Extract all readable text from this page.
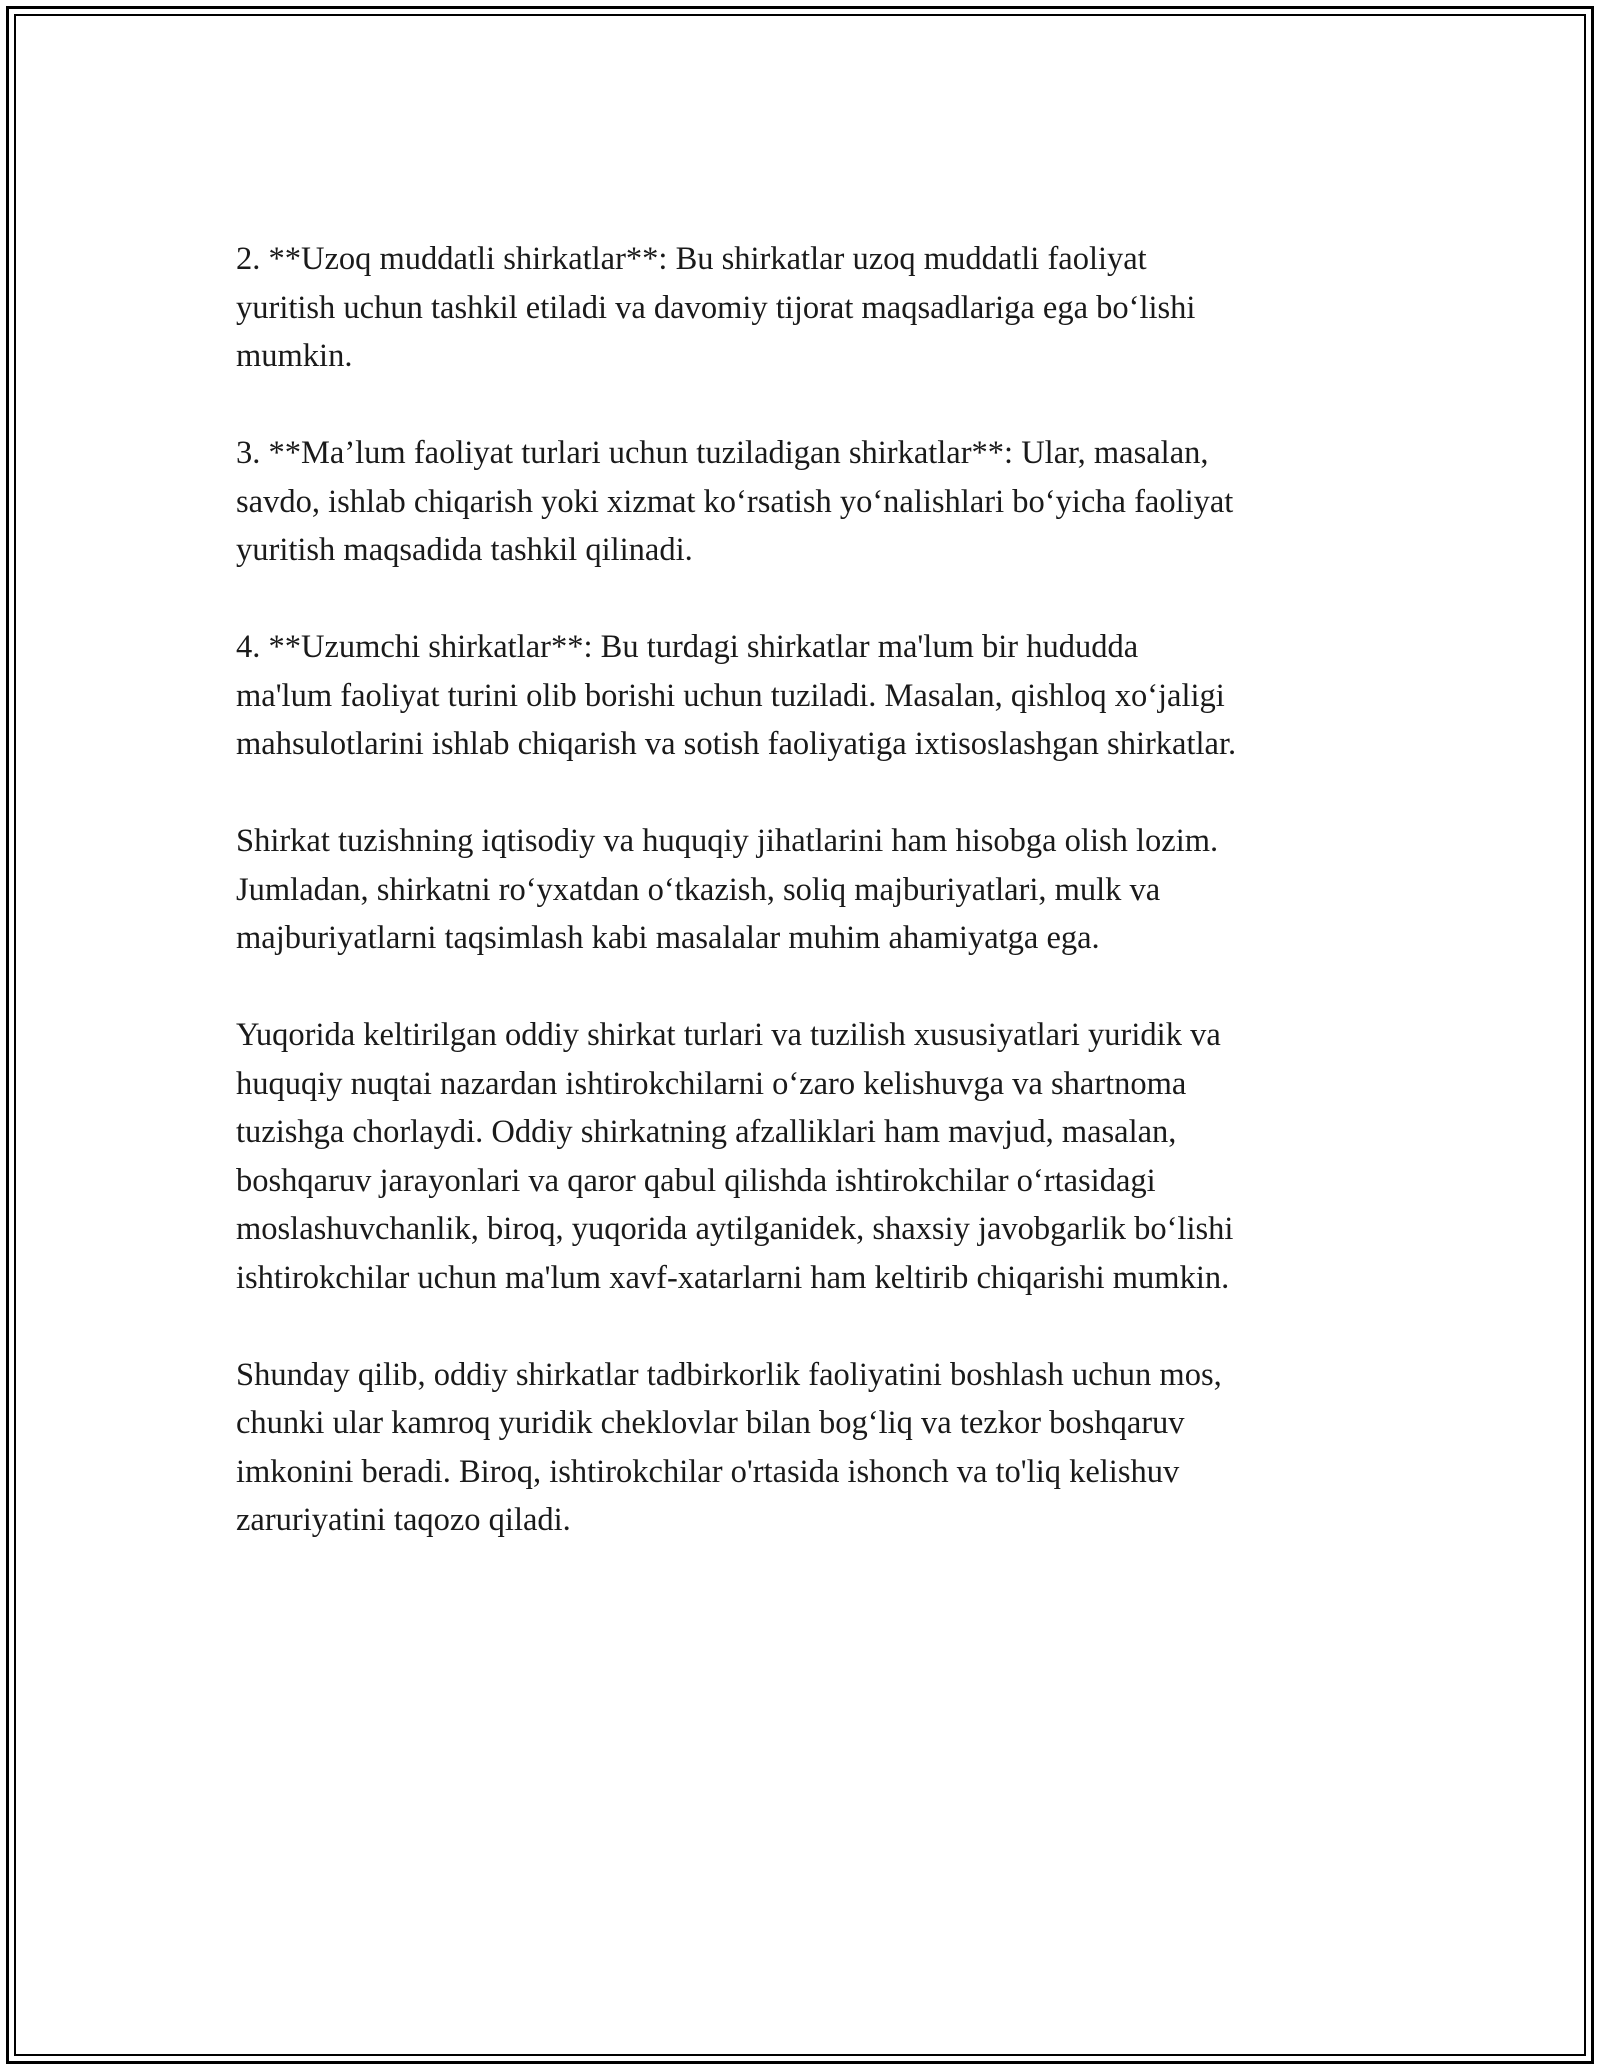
2. **Uzoq muddatli shirkatlar**: Bu shirkatlar uzoq muddatli faoliyat
yuritish uchun tashkil etiladi va davomiy tijorat maqsadlariga ega bo‘lishi
mumkin.

3. **Ma’lum faoliyat turlari uchun tuziladigan shirkatlar**: Ular, masalan,
savdo, ishlab chiqarish yoki xizmat ko‘rsatish yo‘nalishlari bo‘yicha faoliyat
yuritish maqsadida tashkil qilinadi.

4. **Uzumchi shirkatlar**: Bu turdagi shirkatlar ma'lum bir hududda
ma'lum faoliyat turini olib borishi uchun tuziladi. Masalan, qishloq xo‘jaligi
mahsulotlarini ishlab chiqarish va sotish faoliyatiga ixtisoslashgan shirkatlar.

Shirkat tuzishning iqtisodiy va huquqiy jihatlarini ham hisobga olish lozim.
Jumladan, shirkatni ro‘yxatdan o‘tkazish, soliq majburiyatlari, mulk va
majburiyatlarni taqsimlash kabi masalalar muhim ahamiyatga ega.

Yuqorida keltirilgan oddiy shirkat turlari va tuzilish xususiyatlari yuridik va
huquqiy nuqtai nazardan ishtirokchilarni o‘zaro kelishuvga va shartnoma
tuzishga chorlaydi. Oddiy shirkatning afzalliklari ham mavjud, masalan,
boshqaruv jarayonlari va qaror qabul qilishda ishtirokchilar o‘rtasidagi
moslashuvchanlik, biroq, yuqorida aytilganidek, shaxsiy javobgarlik bo‘lishi
ishtirokchilar uchun ma'lum xavf-xatarlarni ham keltirib chiqarishi mumkin.

Shunday qilib, oddiy shirkatlar tadbirkorlik faoliyatini boshlash uchun mos,
chunki ular kamroq yuridik cheklovlar bilan bog‘liq va tezkor boshqaruv
imkonini beradi. Biroq, ishtirokchilar o'rtasida ishonch va to'liq kelishuv
zaruriyatini taqozo qiladi.
